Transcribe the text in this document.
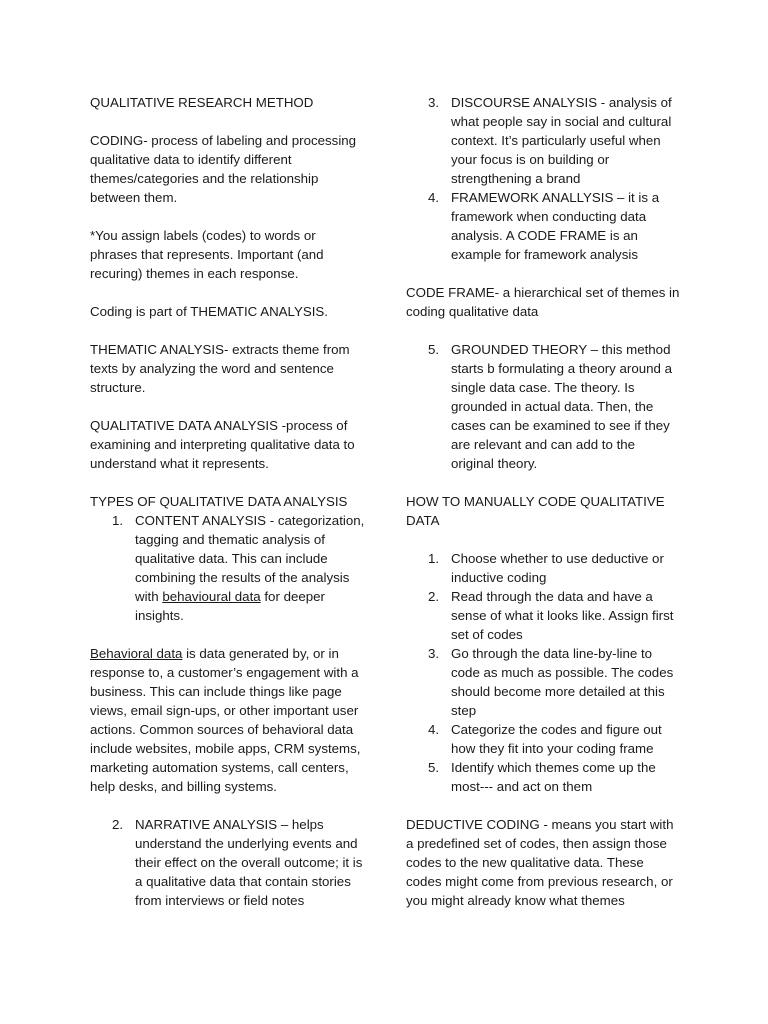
QUALITATIVE RESEARCH METHOD

CODING- process of labeling and processing qualitative data to identify different themes/categories and the relationship between them.

*You assign labels (codes) to words or phrases that represents. Important (and recuring) themes in each response.

Coding is part of THEMATIC ANALYSIS.

THEMATIC ANALYSIS- extracts theme from texts by analyzing the word and sentence structure.

QUALITATIVE DATA ANALYSIS -process of examining and interpreting qualitative data to understand what it represents.

TYPES OF QUALITATIVE DATA ANALYSIS

1. CONTENT ANALYSIS - categorization, tagging and thematic analysis of qualitative data. This can include combining the results of the analysis with behavioural data for deeper insights.

Behavioral data is data generated by, or in response to, a customer’s engagement with a business. This can include things like page views, email sign-ups, or other important user actions. Common sources of behavioral data include websites, mobile apps, CRM systems, marketing automation systems, call centers, help desks, and billing systems.

2. NARRATIVE ANALYSIS – helps understand the underlying events and their effect on the overall outcome; it is a qualitative data that contain stories from interviews or field notes
3. DISCOURSE ANALYSIS - analysis of what people say in social and cultural context. It’s particularly useful when your focus is on building or strengthening a brand
4. FRAMEWORK ANALLYSIS – it is a framework when conducting data analysis. A CODE FRAME is an example for framework analysis

CODE FRAME- a hierarchical set of themes in coding qualitative data

5. GROUNDED THEORY – this method starts b formulating a theory around a single data case. The theory. Is grounded in actual data. Then, the cases can be examined to see if they are relevant and can add to the original theory.

HOW TO MANUALLY CODE QUALITATIVE DATA

1. Choose whether to use deductive or inductive coding
2. Read through the data and have a sense of what it looks like. Assign first set of codes
3. Go through the data line-by-line to code as much as possible. The codes should become more detailed at this step
4. Categorize the codes and figure out how they fit into your coding frame
5. Identify which themes come up the most--- and act on them

DEDUCTIVE CODING - means you start with a predefined set of codes, then assign those codes to the new qualitative data. These codes might come from previous research, or you might already know what themes
